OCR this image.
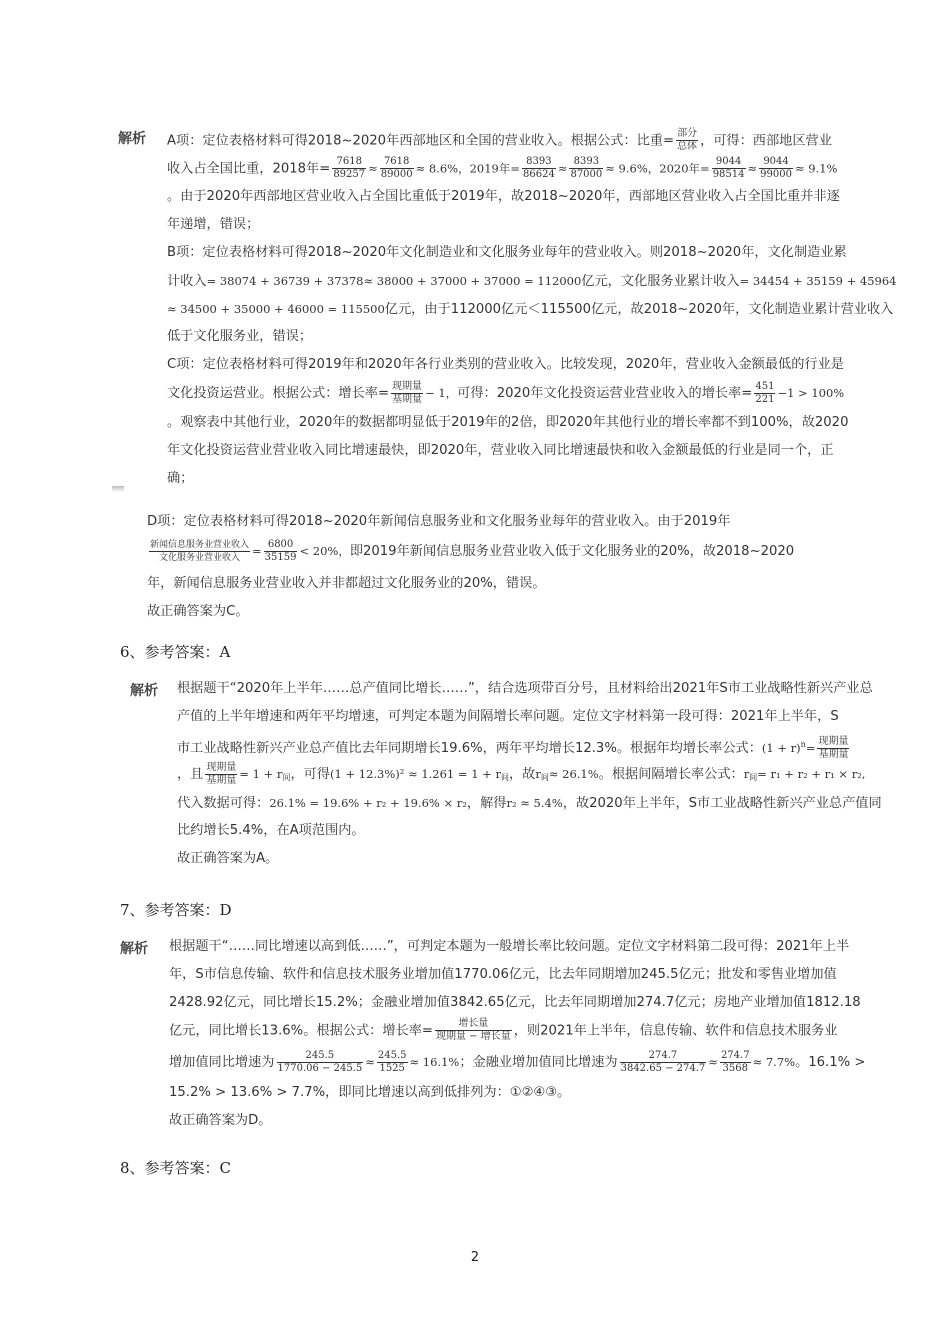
解析 A项：定位表格材料可得2018~2020年西部地区和全国的营业收入。根据公式：比重= $\frac{\text{部分}}{\text{总体}}$ ，可得：西部地区营业
收入占全国比重，2018年= $\frac{7618}{89257} \approx \frac{7618}{89000} \approx 8.6\%$，2019年= $\frac{8393}{86624} \approx \frac{8393}{87000} \approx 9.6\%$，2020年= $\frac{9044}{98514} \approx \frac{9044}{99000} \approx 9.1\%$
。由于2020年西部地区营业收入占全国比重低于2019年，故2018~2020年，西部地区营业收入占全国比重并非逐
年递增，错误；
B项：定位表格材料可得2018~2020年文化制造业和文化服务业每年的营业收入。则2018~2020年，文化制造业累
计收入= 38074 + 36739 + 37378≈ 38000 + 37000 + 37000 = 112000亿元，文化服务业累计收入= 34454 + 35159 + 45964
≈ 34500 + 35000 + 46000 = 115500亿元，由于112000亿元＜115500亿元，故2018~2020年，文化制造业累计营业收入
低于文化服务业，错误；
C项：定位表格材料可得2019年和2020年各行业类别的营业收入。比较发现，2020年，营业收入金额最低的行业是
文化投资运营业。根据公式：增长率= $\frac{\text{现期量}}{\text{基期量}} - 1$，可得：2020年文化投资运营业营业收入的增长率= $\frac{451}{221} -1 > 100\%$
。观察表中其他行业，2020年的数据都明显低于2019年的2倍，即2020年其他行业的增长率都不到100%，故2020
年文化投资运营业营业收入同比增速最快，即2020年，营业收入同比增速最快和收入金额最低的行业是同一个，正
确；
D项：定位表格材料可得2018~2020年新闻信息服务业和文化服务业每年的营业收入。由于2019年
$\frac{\text{新闻信息服务业营业收入}}{\text{文化服务业营业收入}} = \frac{6800}{35159} < 20\%$，即2019年新闻信息服务业营业收入低于文化服务业的20%，故2018~2020
年，新闻信息服务业营业收入并非都超过文化服务业的20%，错误。
故正确答案为C。
6、参考答案：A
解析 根据题干“2020年上半年……总产值同比增长……”，结合选项带百分号，且材料给出2021年S市工业战略性新兴产业总
产值的上半年增速和两年平均增速，可判定本题为间隔增长率问题。定位文字材料第一段可得：2021年上半年，S
市工业战略性新兴产业总产值比去年同期增长19.6%，两年平均增长12.3%。根据年均增长率公式：$(1 + r)^n= \frac{\text{现期量}}{\text{基期量}}$
，且 $\frac{\text{现期量}}{\text{基期量}} = 1 + r_间$，可得$(1 + 12.3\%)^2 \approx 1.261 = 1 + r_间$，故$r_间\approx 26.1\%$。根据间隔增长率公式：$r_间= r_1 + r_2 + r_1 \times r_2$,
代入数据可得：26.1% = 19.6% + r₂ + 19.6% × r₂，解得r₂ ≈ 5.4%，故2020年上半年，S市工业战略性新兴产业总产值同
比约增长5.4%，在A项范围内。
故正确答案为A。
7、参考答案：D
解析 根据题干“……同比增速以高到低……”，可判定本题为一般增长率比较问题。定位文字材料第二段可得：2021年上半
年，S市信息传输、软件和信息技术服务业增加值1770.06亿元，比去年同期增加245.5亿元；批发和零售业增加值
2428.92亿元，同比增长15.2%；金融业增加值3842.65亿元，比去年同期增加274.7亿元；房地产业增加值1812.18
亿元，同比增长13.6%。根据公式：增长率= $\frac{\text{增长量}}{\text{现期量 − 增长量}}$ ，则2021年上半年，信息传输、软件和信息技术服务业
增加值同比增速为 $\frac{245.5}{1770.06 - 245.5} \approx \frac{245.5}{1525} \approx 16.1\%$；金融业增加值同比增速为 $\frac{274.7}{3842.65 - 274.7} \approx \frac{274.7}{3568} \approx 7.7\%$。16.1% >
15.2% > 13.6% > 7.7%，即同比增速以高到低排列为：①②④③。
故正确答案为D。
8、参考答案：C
2
